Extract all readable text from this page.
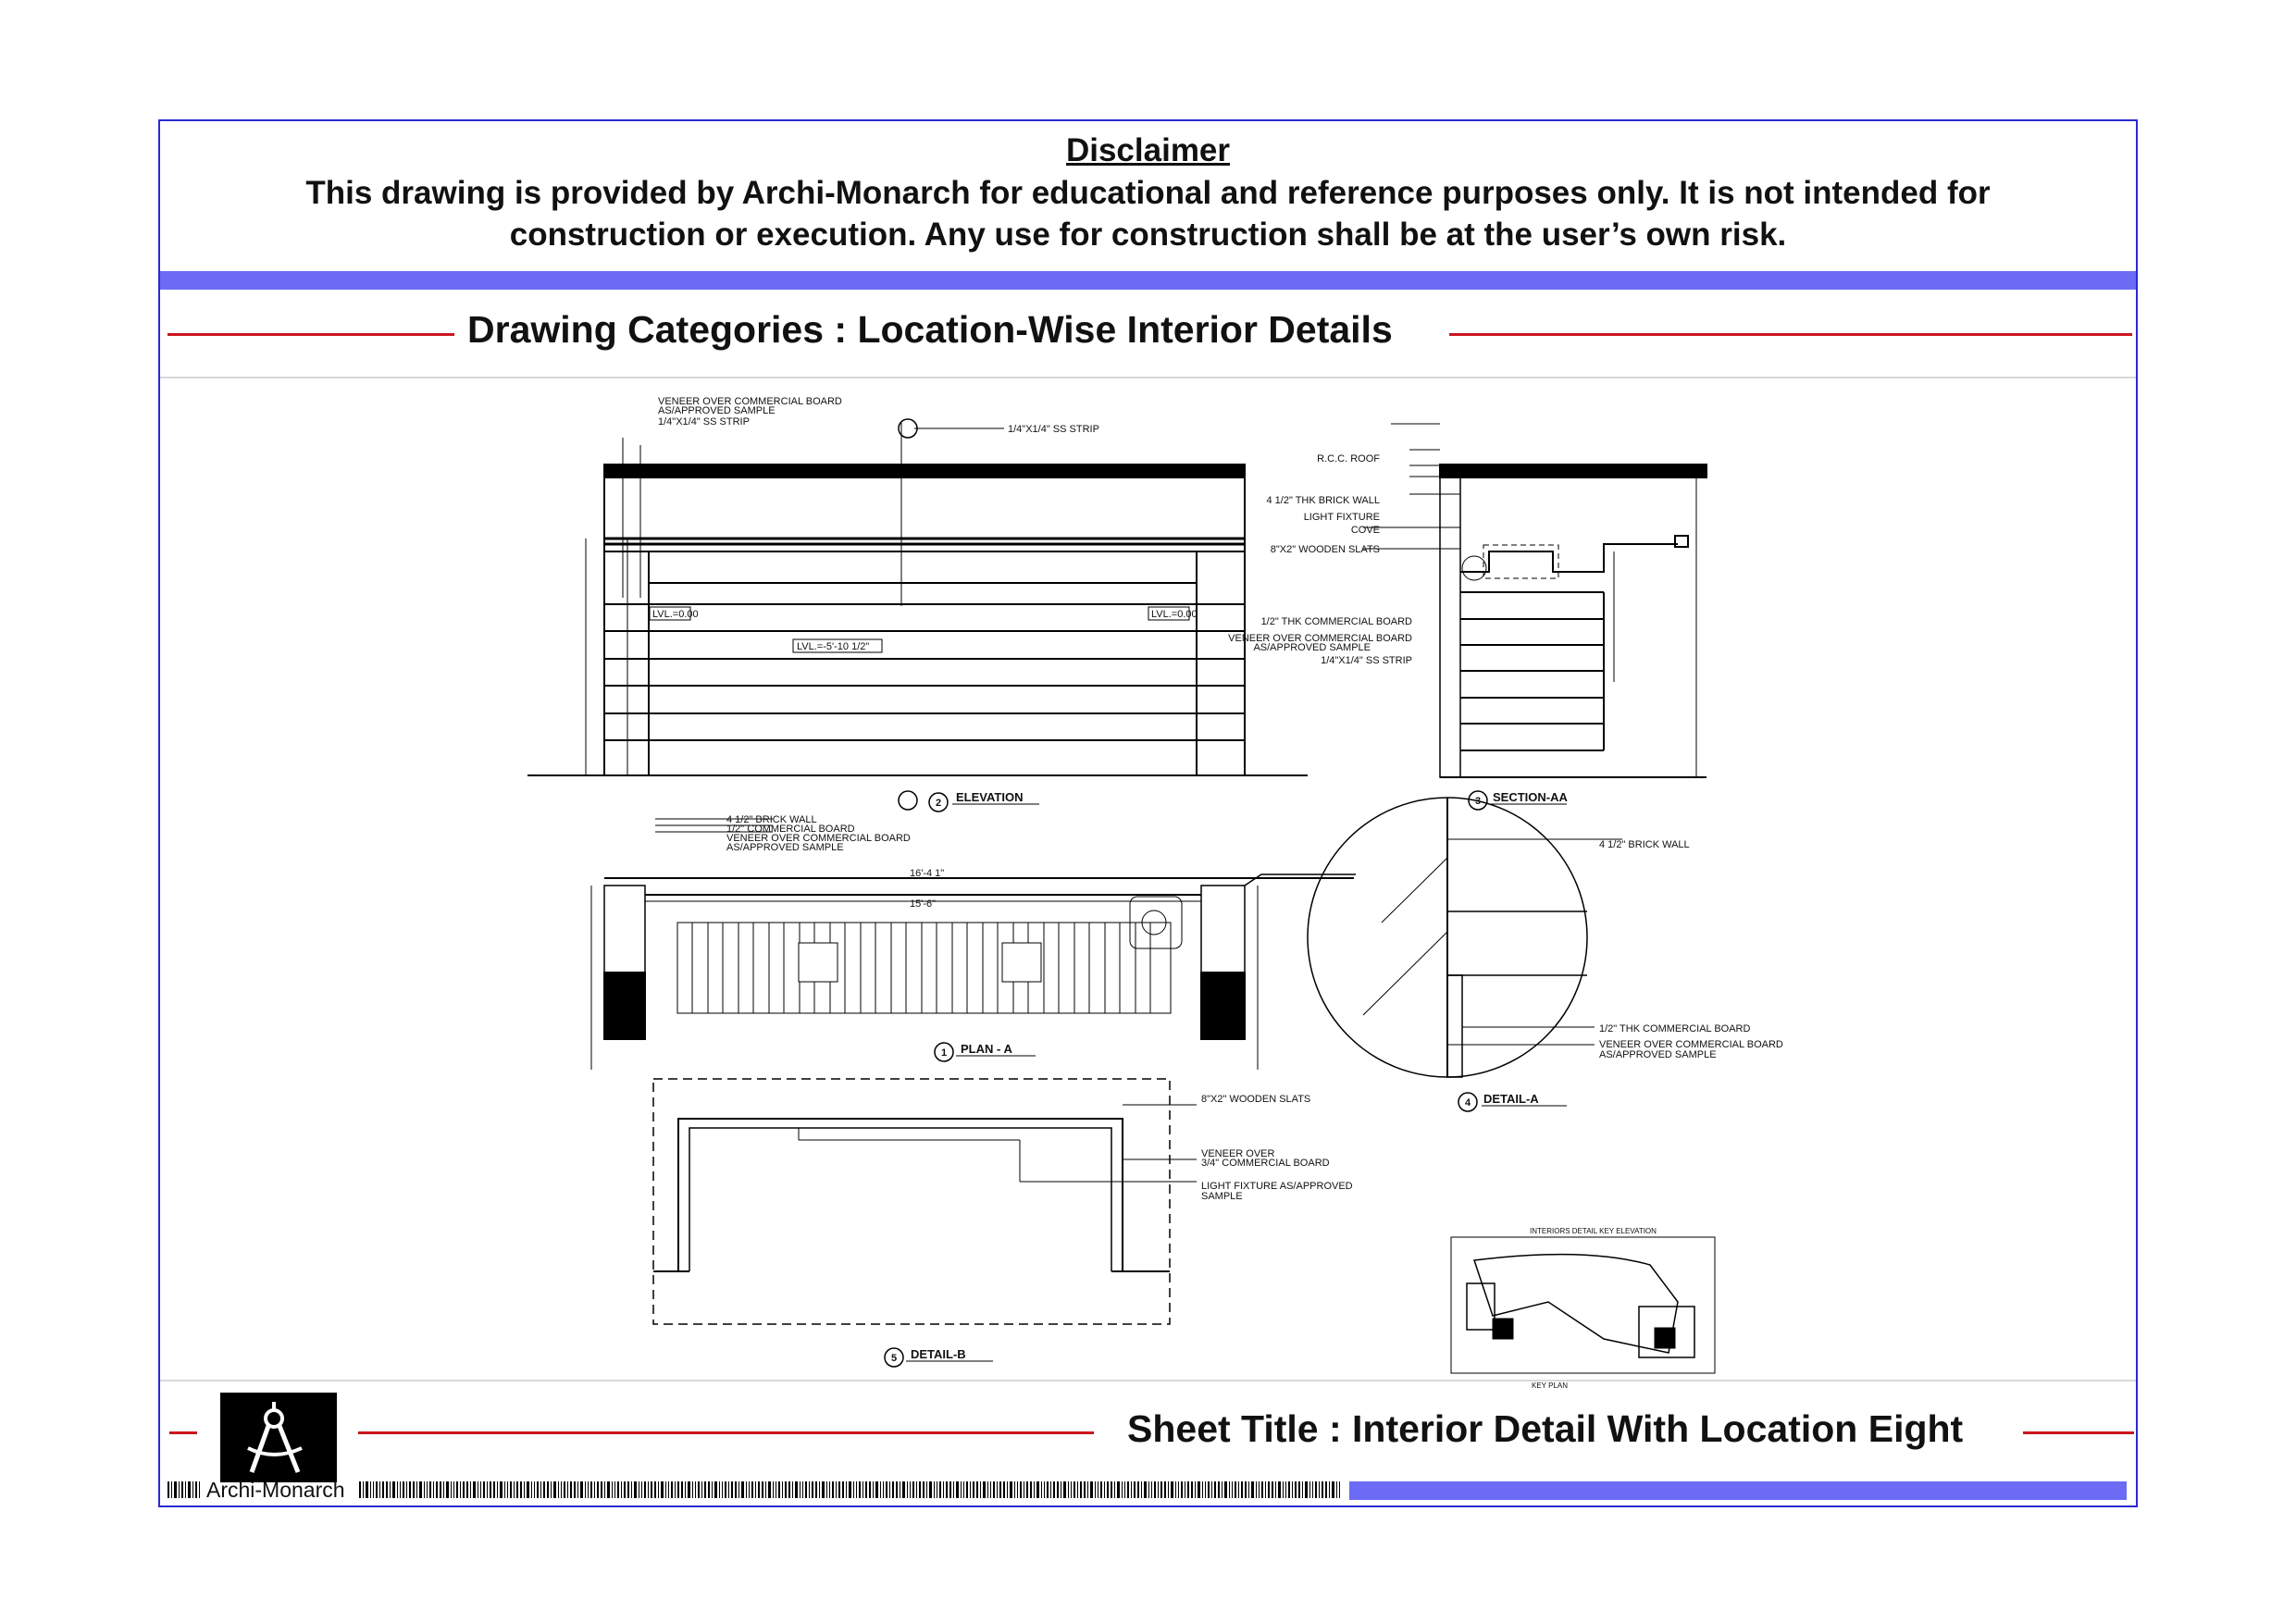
Disclaimer
This drawing is provided by Archi-Monarch for educational and reference purposes only. It is not intended for
construction or execution. Any use for construction shall be at the user’s own risk.
Drawing Categories : Location-Wise Interior Details
VENEER OVER COMMERCIAL BOARD
AS/APPROVED SAMPLE
1/4"X1/4" SS STRIP
1/4"X1/4" SS STRIP
LVL.=0.00	LVL.=0.00
LVL.=-5'-10 1/2"
R.C.C. ROOF
4 1/2" THK BRICK WALL
LIGHT FIXTURE
COVE
8"X2" WOODEN SLATS
1/2" THK COMMERCIAL BOARD
VENEER OVER COMMERCIAL BOARD
AS/APPROVED SAMPLE
1/4"X1/4" SS STRIP
4 1/2" BRICK WALL
1/2" COMMERCIAL BOARD
VENEER OVER COMMERCIAL BOARD
AS/APPROVED SAMPLE
16'-4 1"
15'-6"
4 1/2" BRICK WALL
1/2" THK COMMERCIAL BOARD
VENEER OVER COMMERCIAL BOARD
AS/APPROVED SAMPLE
8"X2" WOODEN SLATS
VENEER OVER
3/4" COMMERCIAL BOARD
LIGHT FIXTURE AS/APPROVED
SAMPLE
INTERIORS DETAIL KEY ELEVATION
KEY PLAN
2	3
1
4
5
ELEVATION	SECTION-AA
PLAN - A
DETAIL-A
DETAIL-B
Sheet Title : Interior Detail With Location Eight
Archi-Monarch
